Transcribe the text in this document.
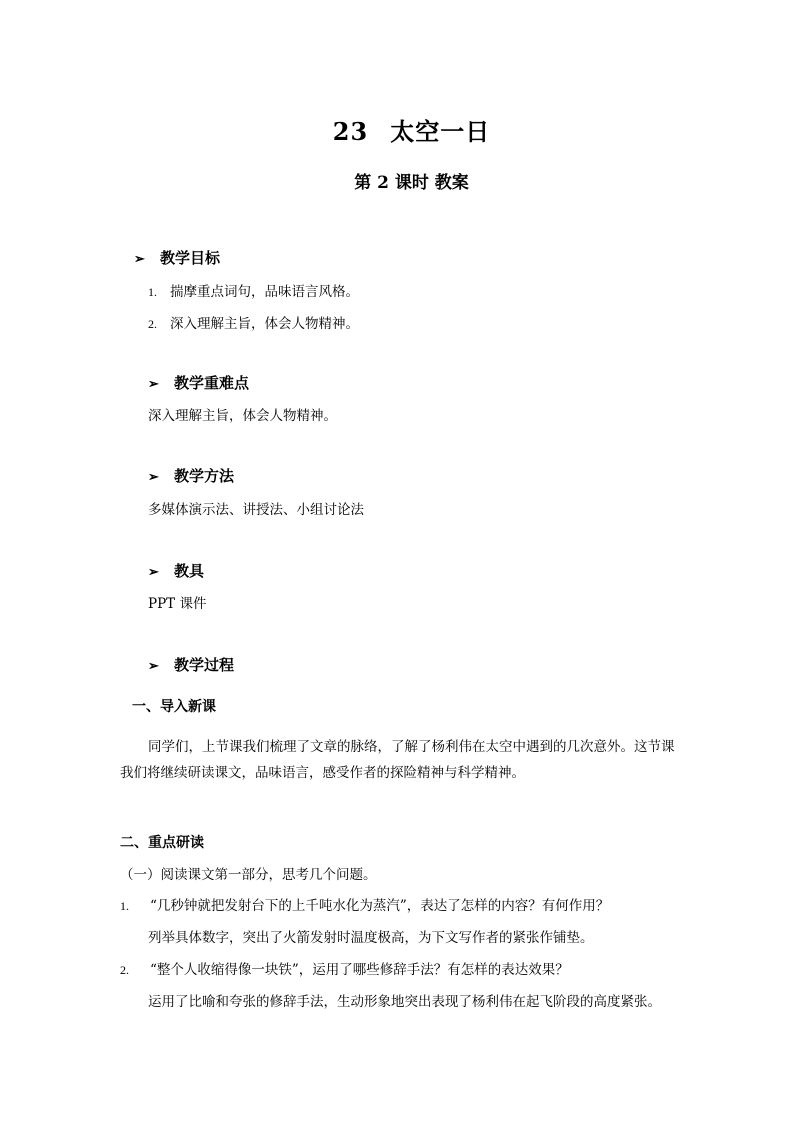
23 太空一日
第 2 课时 教案
➢ 教学目标
1. 揣摩重点词句，品味语言风格。
2. 深入理解主旨，体会人物精神。
➢ 教学重难点
深入理解主旨，体会人物精神。
➢ 教学方法
多媒体演示法、讲授法、小组讨论法
➢ 教具
PPT 课件
➢ 教学过程
一、导入新课
同学们，上节课我们梳理了文章的脉络，了解了杨利伟在太空中遇到的几次意外。这节课我们将继续研读课文，品味语言，感受作者的探险精神与科学精神。
二、重点研读
（一）阅读课文第一部分，思考几个问题。
1. “几秒钟就把发射台下的上千吨水化为蒸汽”，表达了怎样的内容？有何作用？
列举具体数字，突出了火箭发射时温度极高，为下文写作者的紧张作铺垫。
2. “整个人收缩得像一块铁”，运用了哪些修辞手法？有怎样的表达效果？
运用了比喻和夸张的修辞手法，生动形象地突出表现了杨利伟在起飞阶段的高度紧张。
